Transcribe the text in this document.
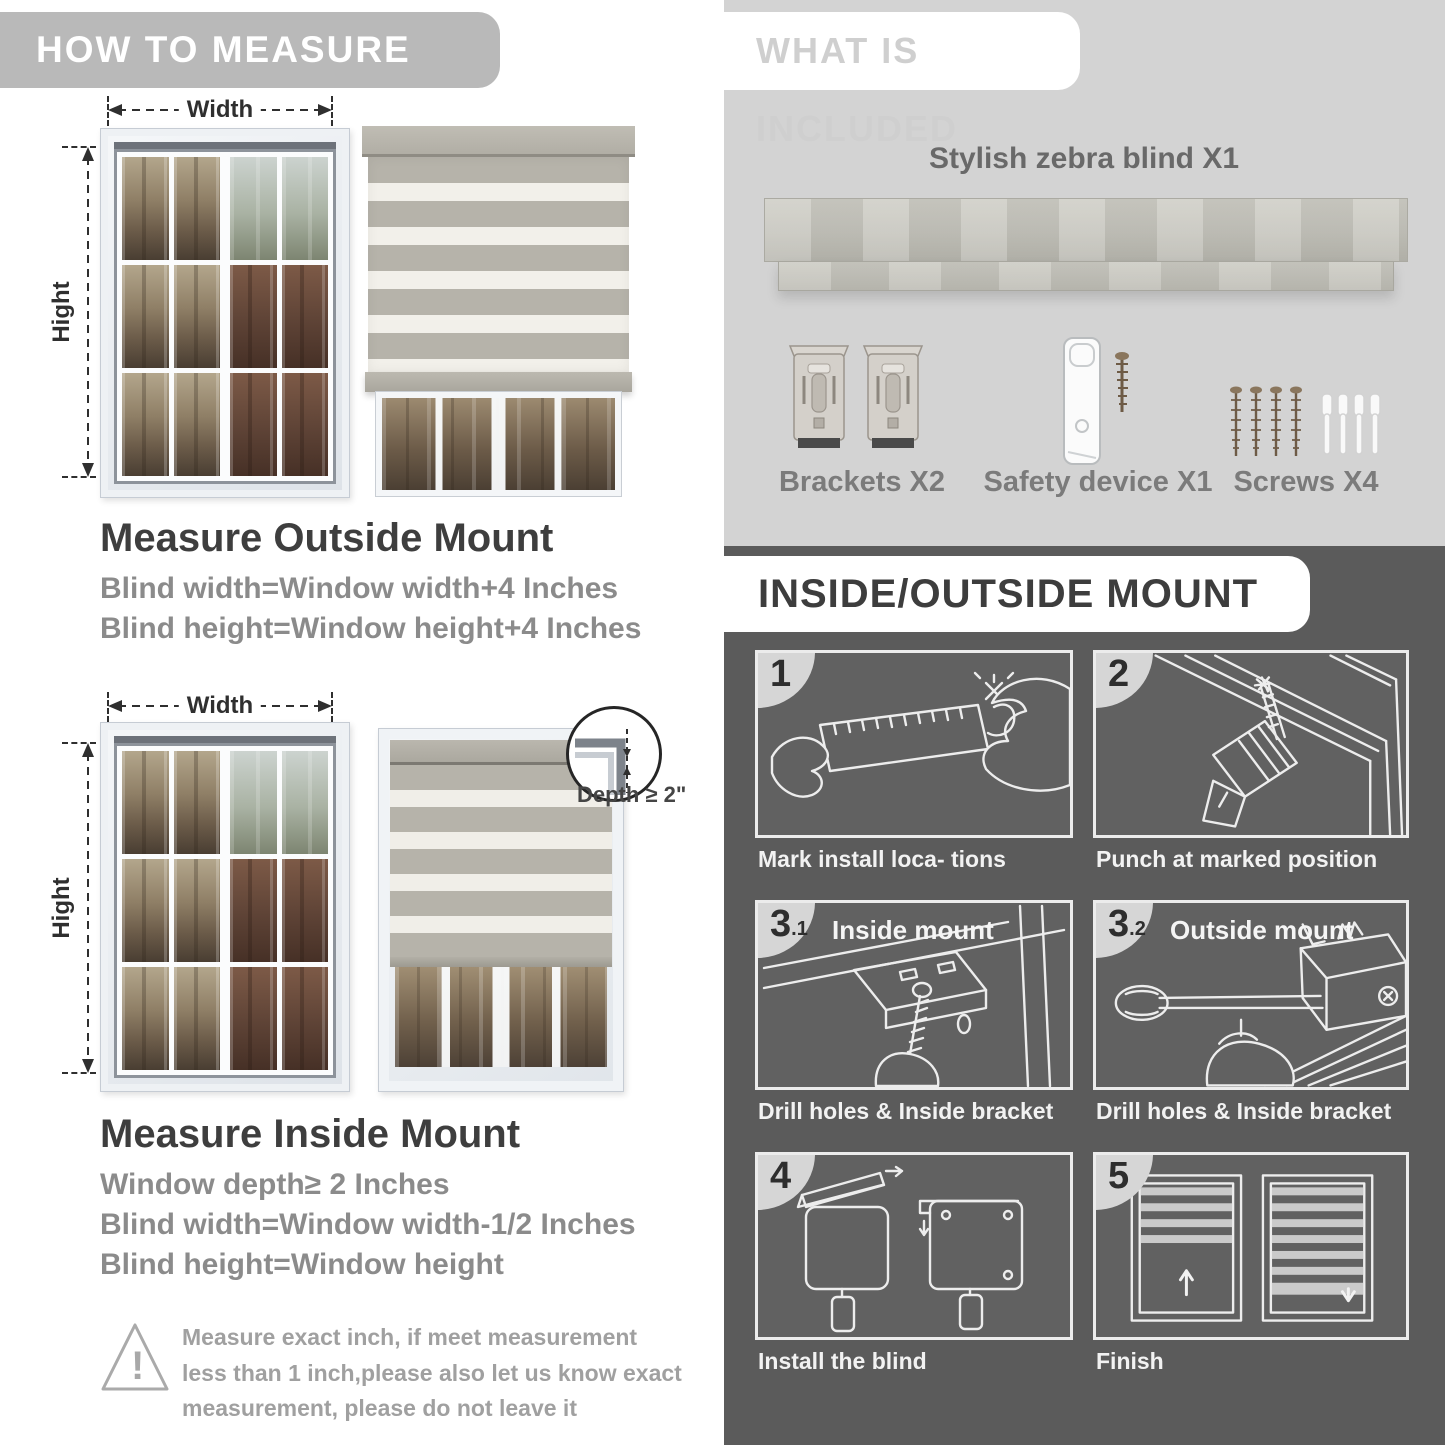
HOW TO MEASURE
Width
Hight
Measure Outside Mount
Blind width=Window width+4 Inches
Blind height=Window height+4 Inches
Width
Hight
Depth ≥ 2"
Measure Inside Mount
Window depth≥ 2 Inches
Blind width=Window width-1/2 Inches
Blind height=Window height
!
Measure exact inch, if meet measurement less than 1 inch,please also let us know exact measurement, please do not leave it
WHAT IS INCLUDED
Stylish zebra blind X1
Brackets X2 Safety device X1 Screws X4
INSIDE/OUTSIDE MOUNT
1
Mark install loca- tions
2
Punch at marked position
3 .1 Inside mount
Drill holes & Inside bracket
3 .2 Outside mount
Drill holes & Inside bracket
4
Install the blind
5
Finish
